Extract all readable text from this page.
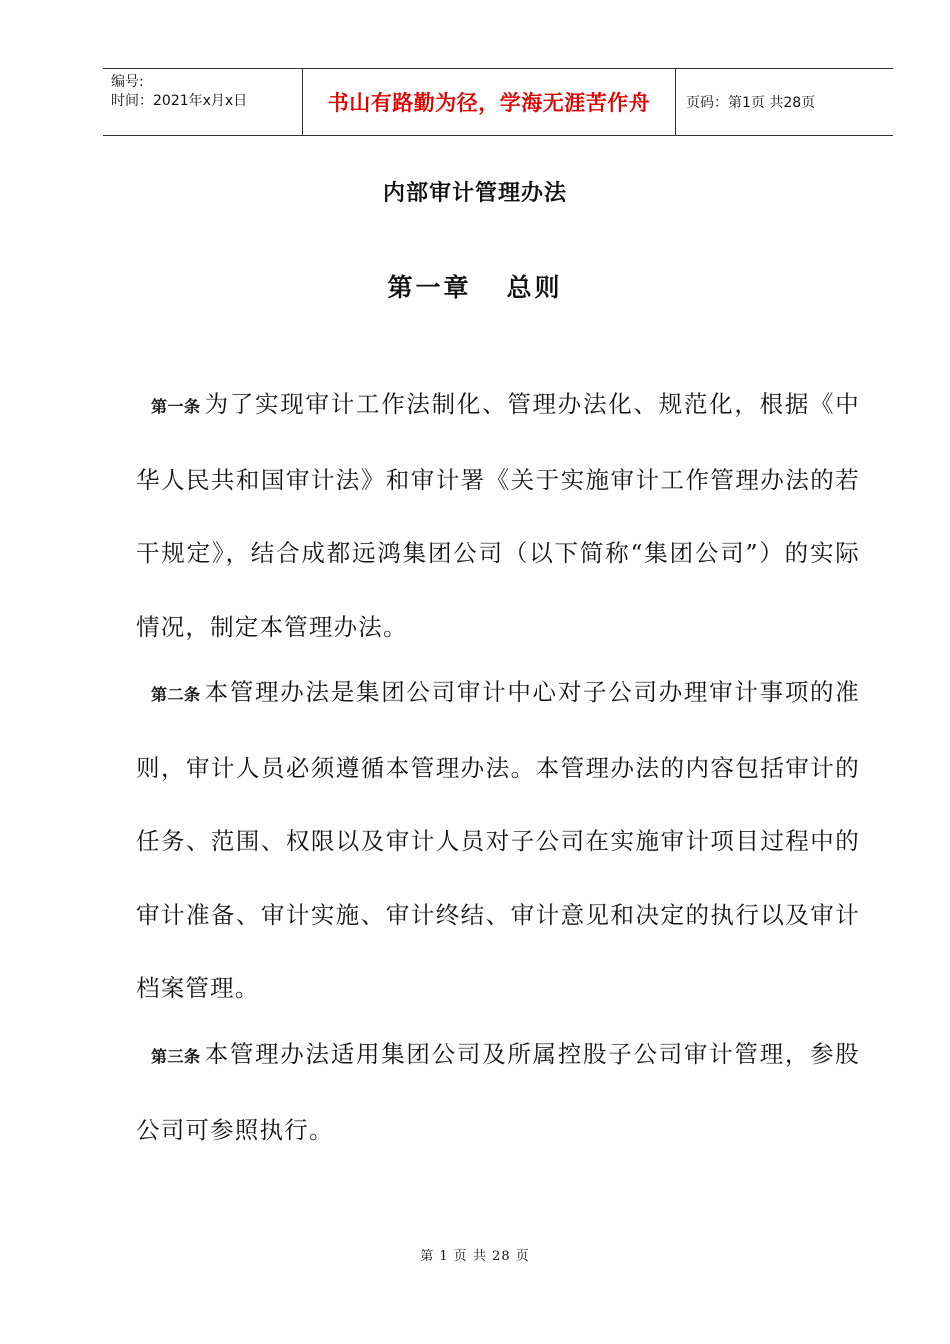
编号:
时间：2021年x月x日	书山有路勤为径，学海无涯苦作舟	页码：第1页 共28页
内部审计管理办法
第一章   总则
第一条 为了实现审计工作法制化、管理办法化、规范化，根据《中华人民共和国审计法》和审计署《关于实施审计工作管理办法的若干规定》，结合成都远鸿集团公司（以下简称“集团公司”）的实际情况，制定本管理办法。
第二条 本管理办法是集团公司审计中心对子公司办理审计事项的准则，审计人员必须遵循本管理办法。本管理办法的内容包括审计的任务、范围、权限以及审计人员对子公司在实施审计项目过程中的审计准备、审计实施、审计终结、审计意见和决定的执行以及审计档案管理。
第三条 本管理办法适用集团公司及所属控股子公司审计管理，参股公司可参照执行。
第 1 页 共 28 页
